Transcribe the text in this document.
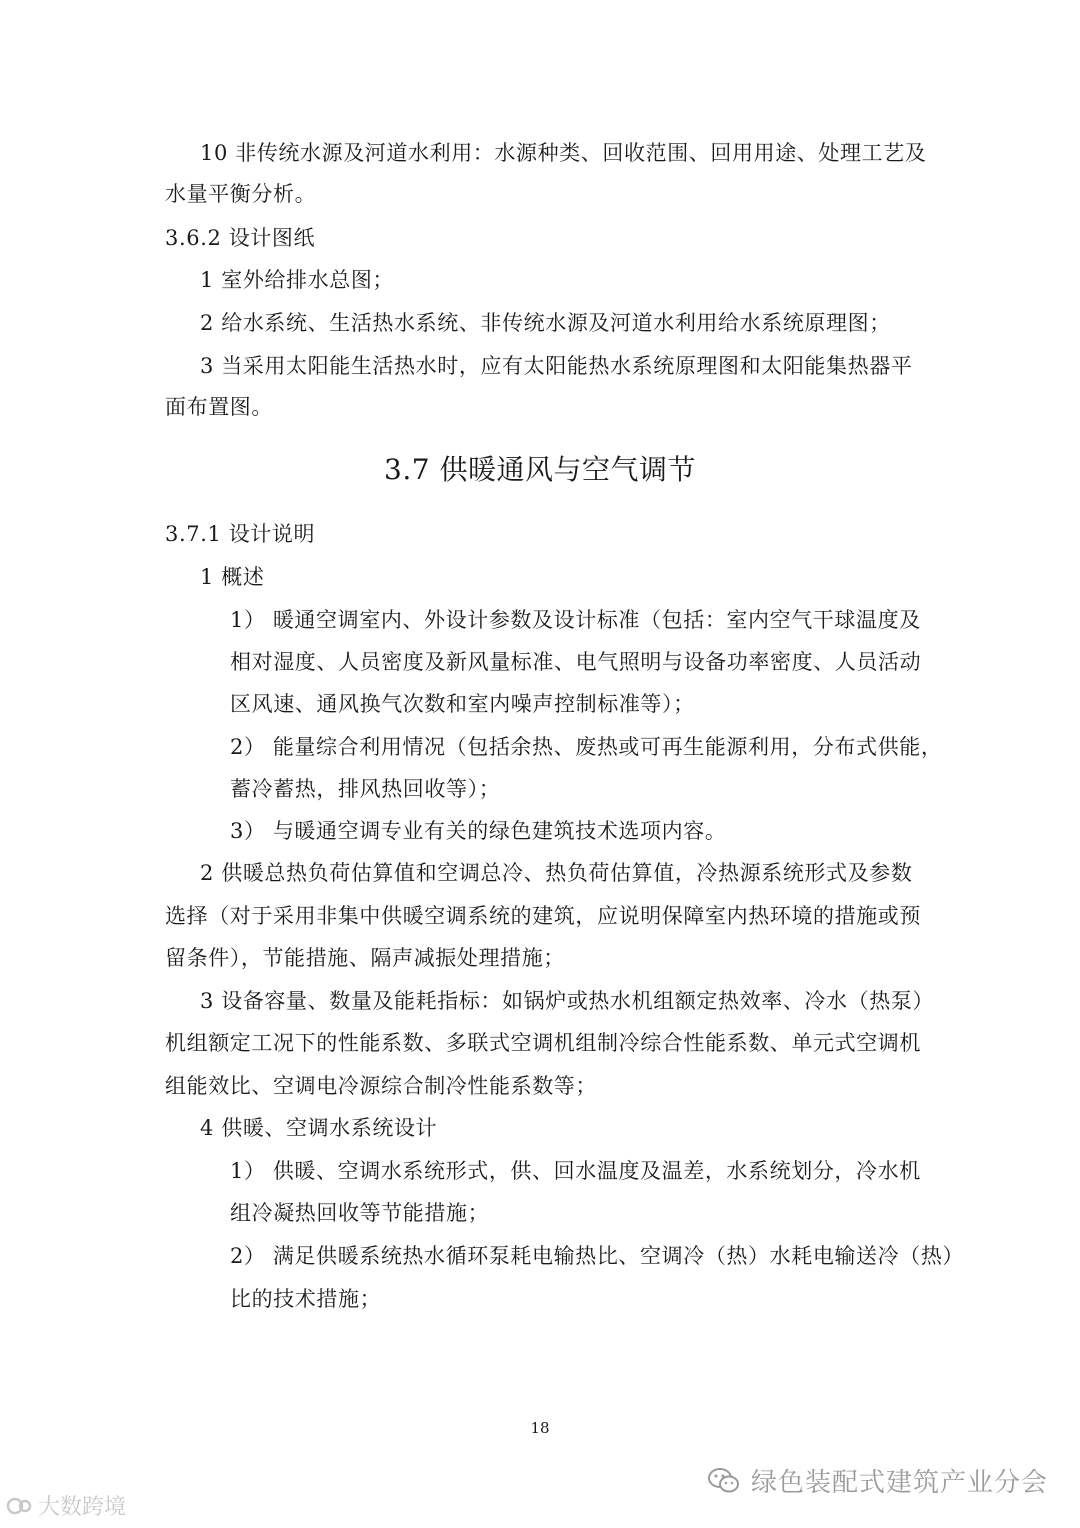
10 非传统水源及河道水利用：水源种类、回收范围、回用用途、处理工艺及
水量平衡分析。
3.6.2 设计图纸
1 室外给排水总图；
2 给水系统、生活热水系统、非传统水源及河道水利用给水系统原理图；
3 当采用太阳能生活热水时，应有太阳能热水系统原理图和太阳能集热器平
面布置图。
3.7 供暖通风与空气调节
3.7.1 设计说明
1 概述
1） 暖通空调室内、外设计参数及设计标准（包括：室内空气干球温度及
相对湿度、人员密度及新风量标准、电气照明与设备功率密度、人员活动
区风速、通风换气次数和室内噪声控制标准等）；
2） 能量综合利用情况（包括余热、废热或可再生能源利用，分布式供能，
蓄冷蓄热，排风热回收等）；
3） 与暖通空调专业有关的绿色建筑技术选项内容。
2 供暖总热负荷估算值和空调总冷、热负荷估算值，冷热源系统形式及参数
选择（对于采用非集中供暖空调系统的建筑，应说明保障室内热环境的措施或预
留条件），节能措施、隔声减振处理措施；
3 设备容量、数量及能耗指标：如锅炉或热水机组额定热效率、冷水（热泵）
机组额定工况下的性能系数、多联式空调机组制冷综合性能系数、单元式空调机
组能效比、空调电冷源综合制冷性能系数等；
4 供暖、空调水系统设计
1） 供暖、空调水系统形式，供、回水温度及温差，水系统划分，冷水机
组冷凝热回收等节能措施；
2） 满足供暖系统热水循环泵耗电输热比、空调冷（热）水耗电输送冷（热）
比的技术措施；
18
绿色装配式建筑产业分会
大数跨境
